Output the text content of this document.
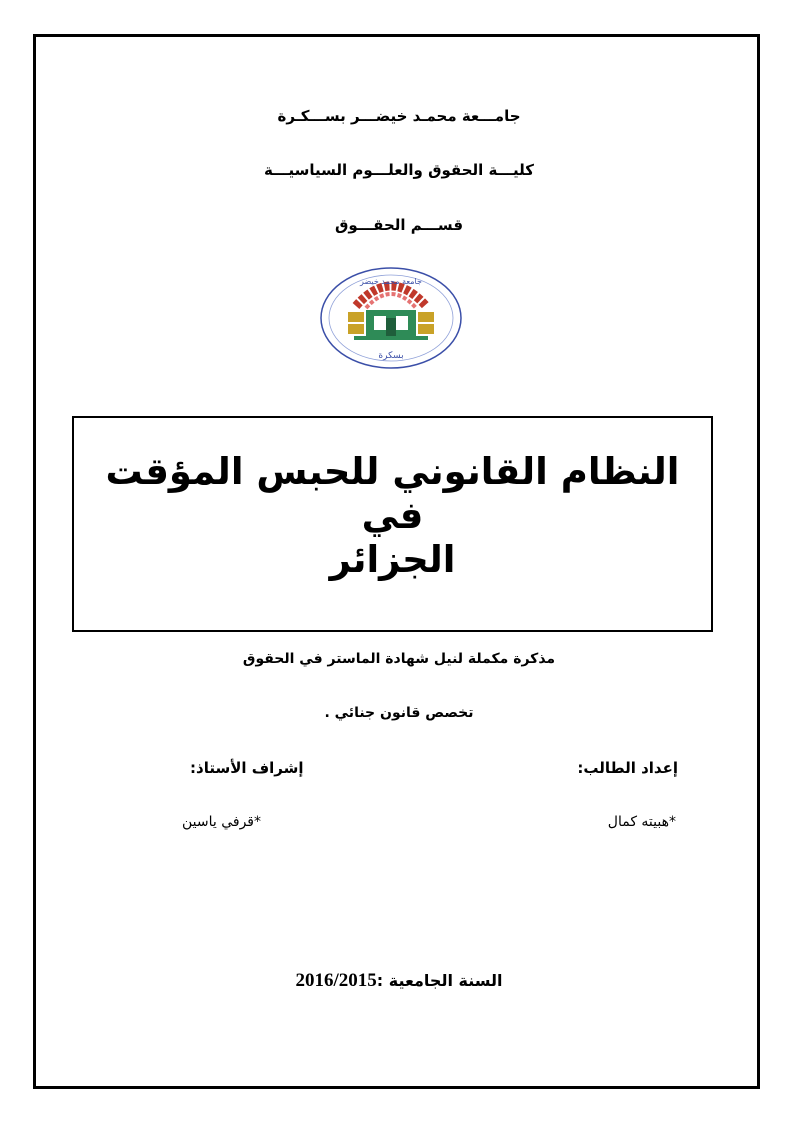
جامـــعة محمـد خيضـــر بســـكـرة
كليـــة الحقوق والعلـــوم السياسيـــة
قســـم الحقـــوق
جامعة محمد خيضر
بسكرة
النظام القانوني للحبس المؤقت في
الجزائر
مذكرة مكملة لنيل شهادة الماستر في الحقوق
تخصص قانون جنائي .
إعداد الطالب:
إشراف الأستاذ:
*هبيته كمال
*قرفي ياسين
السنة الجامعية :2016/2015
